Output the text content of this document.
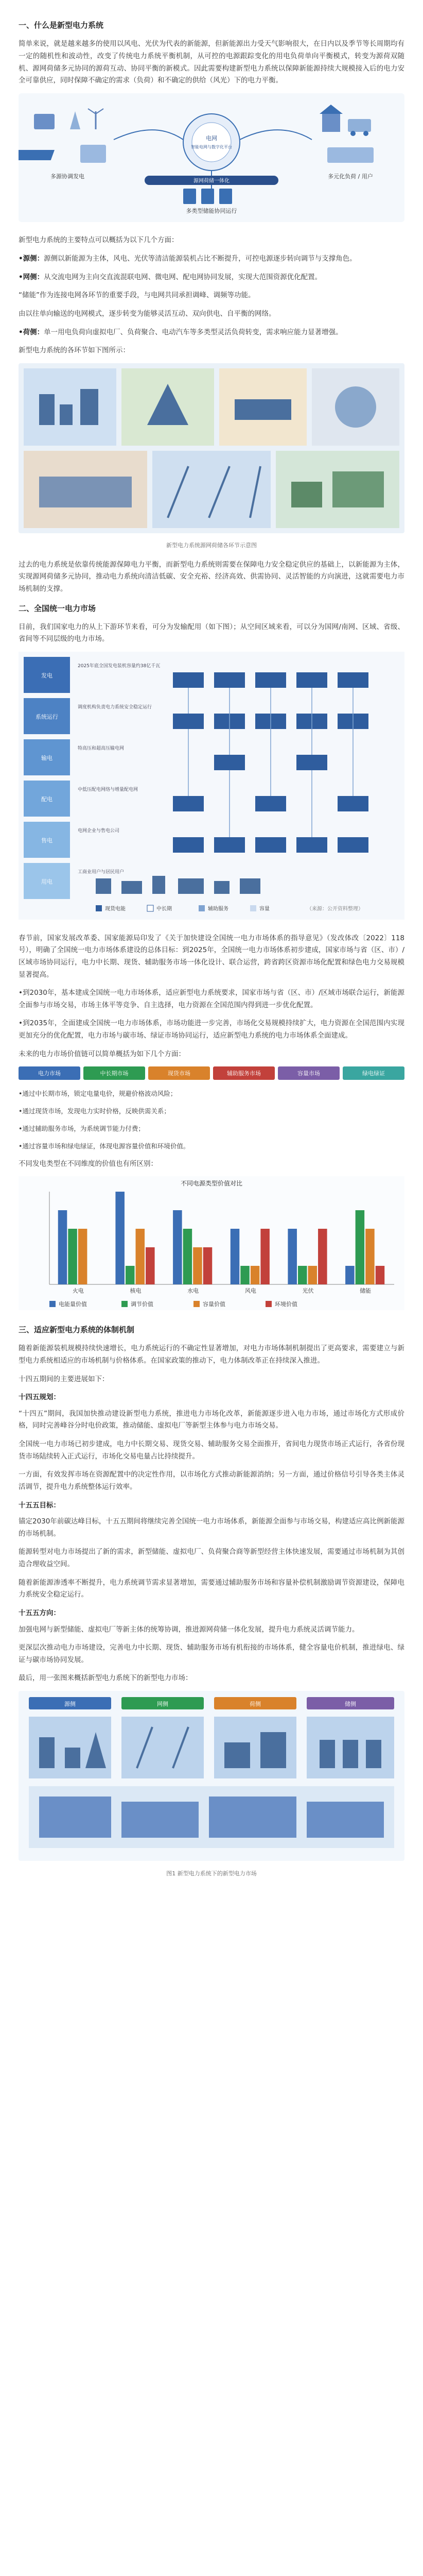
一、什么是新型电力系统

简单来说，就是越来越多的使用以风电、光伏为代表的新能源，但新能源出力受天气影响很大，在日内以及季节等长周期均有一定的随机性和波动性，改变了传统电力系统平衡机制，从可控的电源跟踪变化的用电负荷单向平衡模式，转变为源荷双随机、源网荷储多元协同的源荷互动、协同平衡的新模式。因此需要构建新型电力系统以保障新能源持续大规模接入后的电力安全可靠供应，同时保障不确定的需求（负荷）和不确定的供给（风光）下的电力平衡。

多源协调发电
电网
智能电网与数字化平台
多元化负荷 / 用户
多类型储能协同运行
源网荷储一体化

新型电力系统的主要特点可以概括为以下几个方面：

•源侧：源侧以新能源为主体，风电、光伏等清洁能源装机占比不断提升，可控电源逐步转向调节与支撑角色。

•网侧：从交流电网为主向交直流混联电网、微电网、配电网协同发展，实现大范围资源优化配置。

“储能”作为连接电网各环节的重要手段，与电网共同承担调峰、调频等功能。

由以往单向输送的电网模式，逐步转变为能够灵活互动、双向供电、自平衡的网络。

•荷侧：单一用电负荷向虚拟电厂、负荷聚合、电动汽车等多类型灵活负荷转变，需求响应能力显著增强。

新型电力系统的各环节如下图所示：

新型电力系统源网荷储各环节示意图

过去的电力系统是依靠传统能源保障电力平衡，而新型电力系统则需要在保障电力安全稳定供应的基础上，以新能源为主体，实现源网荷储多元协同，推动电力系统向清洁低碳、安全充裕、经济高效、供需协同、灵活智能的方向演进，这就需要电力市场机制的支撑。

二、全国统一电力市场

目前，我们国家电力的从上下游环节来看，可分为发输配用（如下图）；从空间区域来看，可以分为国网/南网、区域、省级、省间等不同层级的电力市场。

发电
系统运行
输电
配电
售电
用电
2025年底全国发电装机容量约38亿千瓦
调度机构负责电力系统安全稳定运行
特高压和超高压输电网
中低压配电网络与增量配电网
电网企业与售电公司
工商业用户与居民用户
现货电能	中长期	辅助服务	容量	（来源：公开资料整理）

春节前，国家发展改革委、国家能源局印发了《关于加快建设全国统一电力市场体系的指导意见》（发改体改〔2022〕118号），明确了全国统一电力市场体系建设的总体目标：到2025年，全国统一电力市场体系初步建成，国家市场与省（区、市）/区域市场协同运行，电力中长期、现货、辅助服务市场一体化设计、联合运营，跨省跨区资源市场化配置和绿色电力交易规模显著提高。

•到2030年，基本建成全国统一电力市场体系，适应新型电力系统要求，国家市场与省（区、市）/区域市场联合运行，新能源全面参与市场交易，市场主体平等竞争、自主选择，电力资源在全国范围内得到进一步优化配置。

•到2035年，全面建成全国统一电力市场体系，市场功能进一步完善，市场化交易规模持续扩大，电力资源在全国范围内实现更加充分的优化配置，电力市场与碳市场、绿证市场协同运行，适应新型电力系统的电力市场体系全面建成。

未来的电力市场价值链可以简单概括为如下几个方面：

电力市场	中长期市场	现货市场	辅助服务市场	容量市场	绿电绿证

•通过中长期市场，锁定电量电价，规避价格波动风险；

•通过现货市场，发现电力实时价格，反映供需关系；

•通过辅助服务市场，为系统调节能力付费；

•通过容量市场和绿电绿证，体现电源容量价值和环境价值。

不同发电类型在不同维度的价值也有所区别：

不同电源类型价值对比
火电	核电	水电	风电	光伏	储能
电能量价值	调节价值	容量价值	环境价值
三、适应新型电力系统的体制机制

随着新能源装机规模持续快速增长，电力系统运行的不确定性显著增加，对电力市场体制机制提出了更高要求，需要建立与新型电力系统相适应的市场机制与价格体系。在国家政策的推动下，电力体制改革正在持续深入推进。

十四五期间的主要进展如下：

十四五规划：

“十四五”期间，我国加快推动建设新型电力系统，推进电力市场化改革，新能源逐步进入电力市场，通过市场化方式形成价格，同时完善峰谷分时电价政策，推动储能、虚拟电厂等新型主体参与电力市场交易。

全国统一电力市场已初步建成，电力中长期交易、现货交易、辅助服务交易全面推开，省间电力现货市场正式运行，各省份现货市场陆续转入正式运行，市场化交易电量占比持续提升。

一方面，有效发挥市场在资源配置中的决定性作用，以市场化方式推动新能源消纳；另一方面，通过价格信号引导各类主体灵活调节，提升电力系统整体运行效率。

十五五目标：

锚定2030年前碳达峰目标，十五五期间将继续完善全国统一电力市场体系，新能源全面参与市场交易，构建适应高比例新能源的市场机制。

能源转型对电力市场提出了新的需求，新型储能、虚拟电厂、负荷聚合商等新型经营主体快速发展，需要通过市场机制为其创造合理收益空间。

随着新能源渗透率不断提升，电力系统调节需求显著增加，需要通过辅助服务市场和容量补偿机制激励调节资源建设，保障电力系统安全稳定运行。

十五五方向：

加强电网与新型储能、虚拟电厂等新主体的统筹协调，推进源网荷储一体化发展，提升电力系统灵活调节能力。

更深层次推动电力市场建设，完善电力中长期、现货、辅助服务市场有机衔接的市场体系，健全容量电价机制，推进绿电、绿证与碳市场协同发展。

最后，用一张图来概括新型电力系统下的新型电力市场：

源侧	网侧	荷侧	储侧
图1 新型电力系统下的新型电力市场
